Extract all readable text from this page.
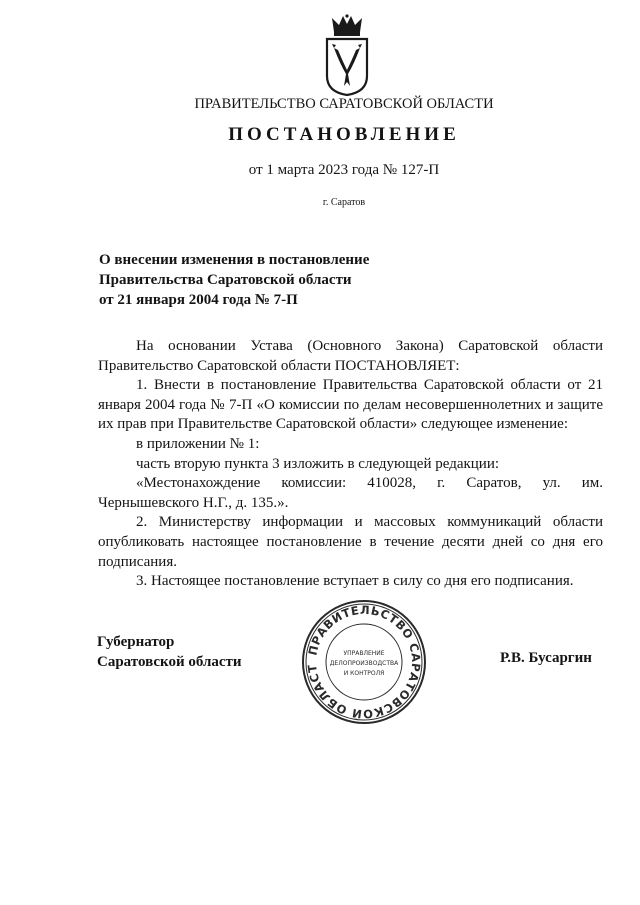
ПРАВИТЕЛЬСТВО САРАТОВСКОЙ ОБЛАСТИ
ПОСТАНОВЛЕНИЕ
от 1 марта 2023 года № 127-П
г. Саратов
О внесении изменения в постановление
Правительства Саратовской области
от 21 января 2004 года № 7-П

На основании Устава (Основного Закона) Саратовской области Правительство Саратовской области ПОСТАНОВЛЯЕТ:

1. Внести в постановление Правительства Саратовской области от 21 января 2004 года № 7-П «О комиссии по делам несовершеннолетних и защите их прав при Правительстве Саратовской области» следующее изменение:

в приложении № 1:

часть вторую пункта 3 изложить в следующей редакции:

«Местонахождение комиссии: 410028, г. Саратов, ул. им. Чернышевского Н.Г., д. 135.».

2. Министерству информации и массовых коммуникаций области опубликовать настоящее постановление в течение десяти дней со дня его подписания.

3. Настоящее постановление вступает в силу со дня его подписания.

Губернатор
Саратовской области
ПРАВИТЕЛЬСТВО САРАТОВСКОЙ ОБЛАСТ
УПРАВЛЕНИЕ
ДЕЛОПРОИЗВОДСТВА
И КОНТРОЛЯ
Р.В. Бусаргин
